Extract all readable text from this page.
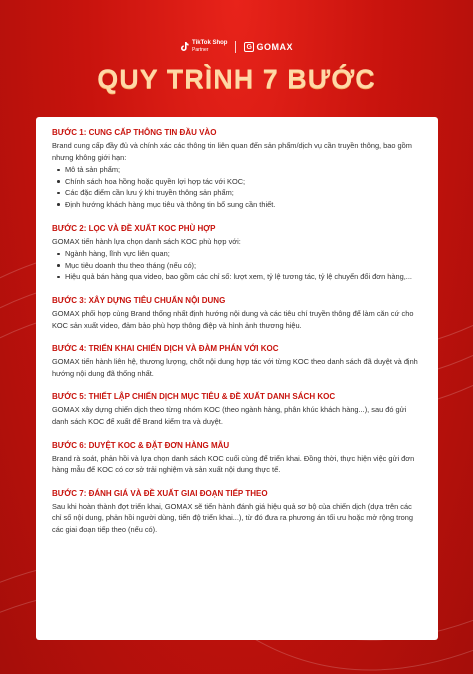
TikTok Shop
Partner	G GOMAX
QUY TRÌNH 7 BƯỚC
BƯỚC 1: CUNG CẤP THÔNG TIN ĐẦU VÀO
Brand cung cấp đầy đủ và chính xác các thông tin liên quan đến sản phẩm/dịch vụ cần truyền thông, bao gồm nhưng không giới hạn:
Mô tả sản phẩm;
Chính sách hoa hồng hoặc quyền lợi hợp tác với KOC;
Các đặc điểm cần lưu ý khi truyền thông sản phẩm;
Định hướng khách hàng mục tiêu và thông tin bổ sung cần thiết.
BƯỚC 2: LỌC VÀ ĐỀ XUẤT KOC PHÙ HỢP
GOMAX tiến hành lựa chọn danh sách KOC phù hợp với:
Ngành hàng, lĩnh vực liên quan;
Mục tiêu doanh thu theo tháng (nếu có);
Hiệu quả bán hàng qua video, bao gồm các chỉ số: lượt xem, tỷ lệ tương tác, tỷ lệ chuyển đổi đơn hàng,...
BƯỚC 3: XÂY DỰNG TIÊU CHUẨN NỘI DUNG
GOMAX phối hợp cùng Brand thống nhất định hướng nội dung và các tiêu chí truyền thông để làm căn cứ cho KOC sản xuất video, đảm bảo phù hợp thông điệp và hình ảnh thương hiệu.
BƯỚC 4: TRIỂN KHAI CHIẾN DỊCH VÀ ĐÀM PHÁN VỚI KOC
GOMAX tiến hành liên hệ, thương lượng, chốt nội dung hợp tác với từng KOC theo danh sách đã duyệt và định hướng nội dung đã thống nhất.
BƯỚC 5: THIẾT LẬP CHIẾN DỊCH MỤC TIÊU & ĐỀ XUẤT DANH SÁCH KOC
GOMAX xây dựng chiến dịch theo từng nhóm KOC (theo ngành hàng, phân khúc khách hàng...), sau đó gửi danh sách KOC để xuất để Brand kiểm tra và duyệt.
BƯỚC 6: DUYỆT KOC & ĐẶT ĐƠN HÀNG MẪU
Brand rà soát, phản hồi và lựa chọn danh sách KOC cuối cùng để triển khai. Đồng thời, thực hiện việc gửi đơn hàng mẫu để KOC có cơ sở trải nghiệm và sản xuất nội dung thực tế.
BƯỚC 7: ĐÁNH GIÁ VÀ ĐỀ XUẤT GIAI ĐOẠN TIẾP THEO
Sau khi hoàn thành đợt triển khai, GOMAX sẽ tiến hành đánh giá hiệu quả sơ bộ của chiến dịch (dựa trên các chỉ số nội dung, phản hồi người dùng, tiến độ triển khai...), từ đó đưa ra phương án tối ưu hoặc mở rộng trong các giai đoạn tiếp theo (nếu có).
